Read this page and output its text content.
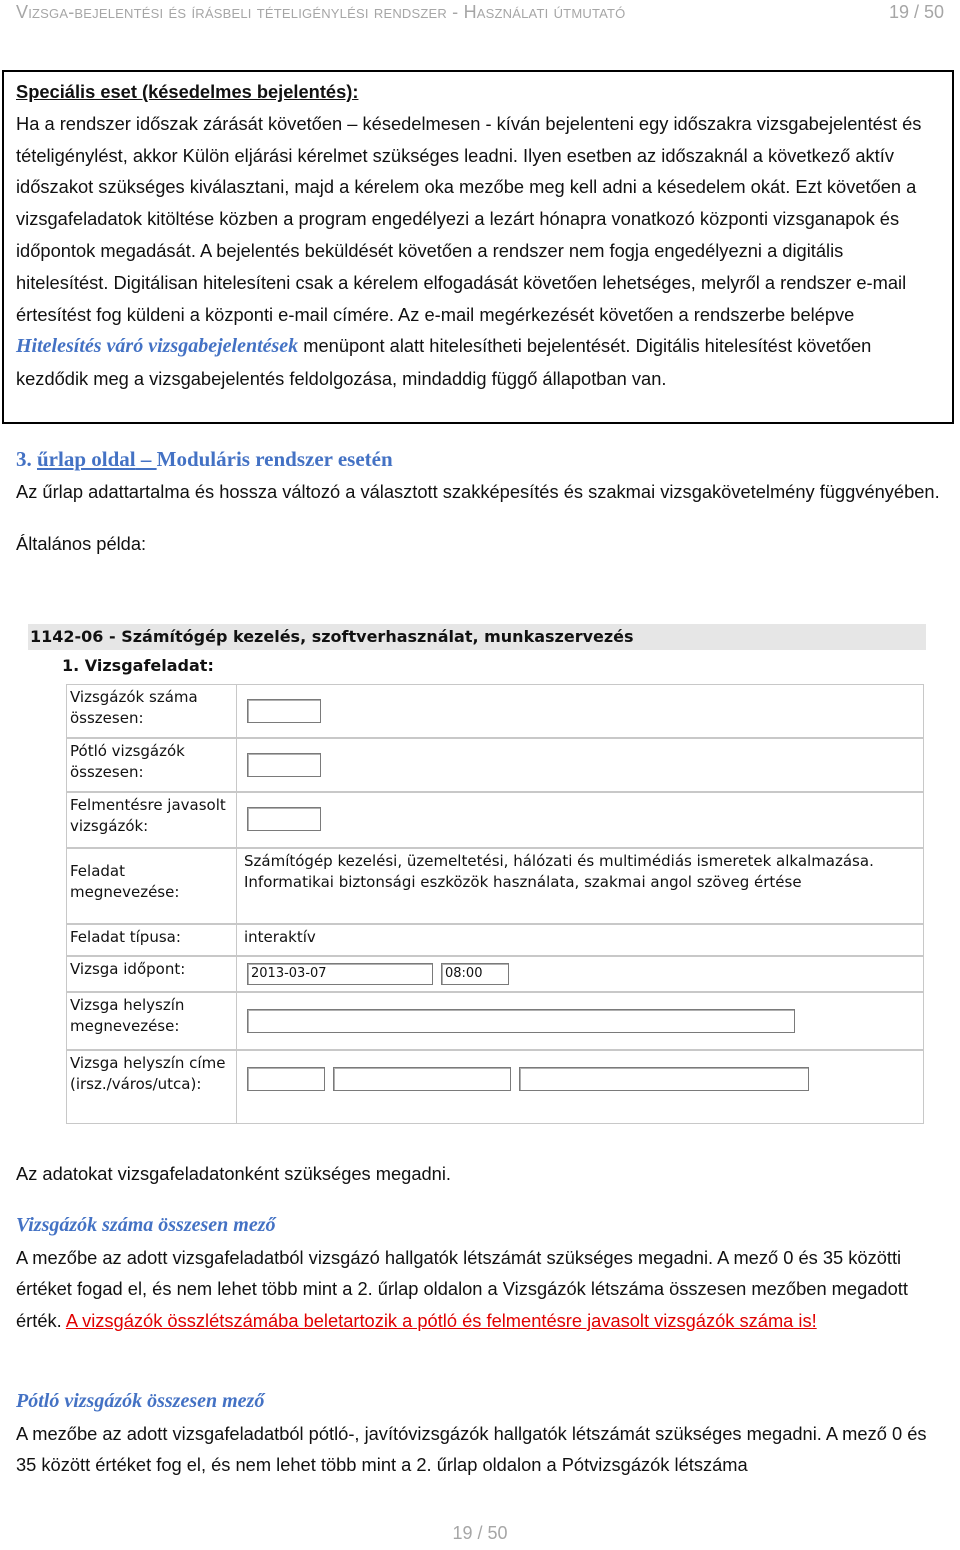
Vizsga-bejelentési és írásbeli tételigénylési rendszer - Használati útmutató	19 / 50

Speciális eset (késedelmes bejelentés):

Ha a rendszer időszak zárását követően – késedelmesen - kíván bejelenteni egy időszakra vizsgabejelentést és tételigénylést, akkor Külön eljárási kérelmet szükséges leadni. Ilyen esetben az időszaknál a következő aktív időszakot szükséges kiválasztani, majd a kérelem oka mezőbe meg kell adni a késedelem okát. Ezt követően a vizsgafeladatok kitöltése közben a program engedélyezi a lezárt hónapra vonatkozó központi vizsganapok és időpontok megadását. A bejelentés beküldését követően a rendszer nem fogja engedélyezni a digitális hitelesítést. Digitálisan hitelesíteni csak a kérelem elfogadását követően lehetséges, melyről a rendszer e-mail értesítést fog küldeni a központi e-mail címére. Az e-mail megérkezését követően a rendszerbe belépve Hitelesítés váró vizsgabejelentések menüpont alatt hitelesítheti bejelentését. Digitális hitelesítést követően kezdődik meg a vizsgabejelentés feldolgozása, mindaddig függő állapotban van.

3. űrlap oldal – Moduláris rendszer esetén

Az űrlap adattartalma és hossza változó a választott szakképesítés és szakmai vizsgakövetelmény függvényében.

Általános példa:

1142-06 - Számítógép kezelés, szoftverhasználat, munkaszervezés
1. Vizsgafeladat:
Vizsgázók száma összesen:
Pótló vizsgázók összesen:
Felmentésre javasolt vizsgázók:
Feladat megnevezése:
Számítógép kezelési, üzemeltetési, hálózati és multimédiás ismeretek alkalmazása. Informatikai biztonsági eszközök használata, szakmai angol szöveg értése
Feladat típusa:	interaktív
Vizsga időpont:	2013-03-07	08:00
Vizsga helyszín megnevezése:
Vizsga helyszín címe (irsz./város/utca):

Az adatokat vizsgafeladatonként szükséges megadni.

Vizsgázók száma összesen mező

A mezőbe az adott vizsgafeladatból vizsgázó hallgatók létszámát szükséges megadni. A mező 0 és 35 közötti értéket fogad el, és nem lehet több mint a 2. űrlap oldalon a Vizsgázók létszáma összesen mezőben megadott érték. A vizsgázók összlétszámába beletartozik a pótló és felmentésre javasolt vizsgázók száma is!

Pótló vizsgázók összesen mező

A mezőbe az adott vizsgafeladatból pótló-, javítóvizsgázók hallgatók létszámát szükséges megadni. A mező 0 és 35 között értéket fog el, és nem lehet több mint a 2. űrlap oldalon a Pótvizsgázók létszáma

19 / 50
